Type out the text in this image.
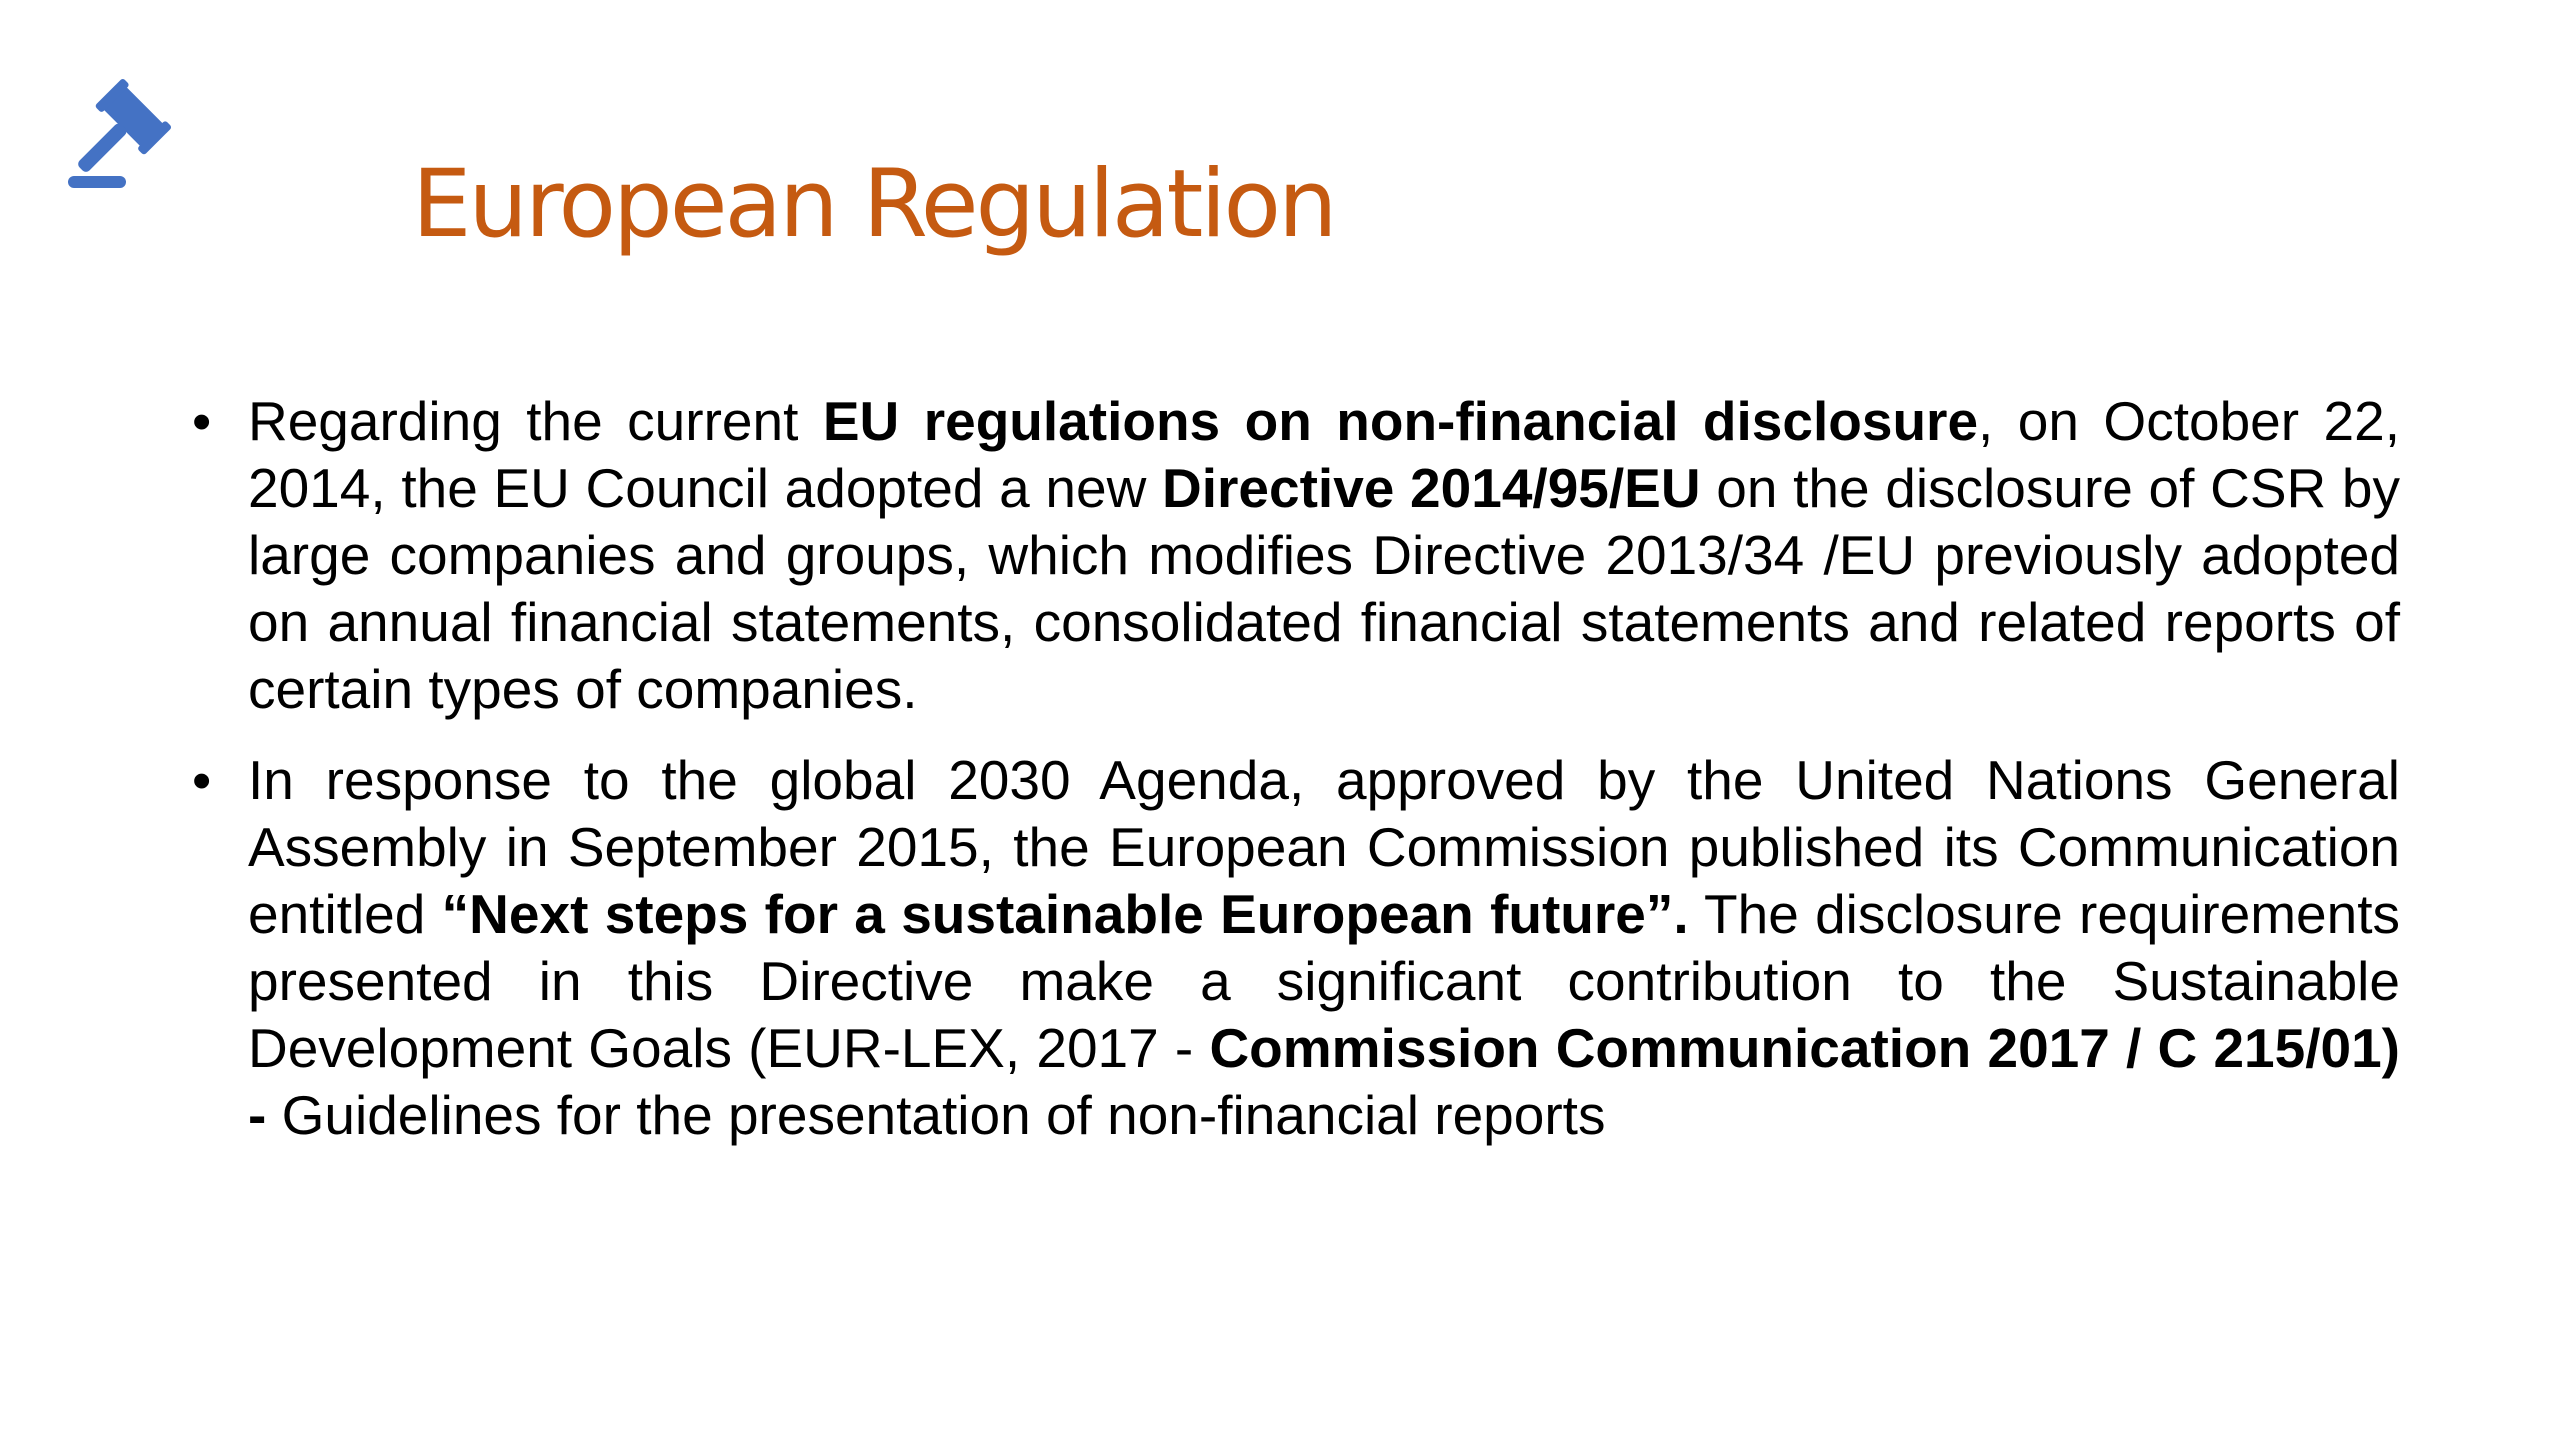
European Regulation

• Regarding the current EU regulations on non-financial disclosure, on October 22, 2014, the EU Council adopted a new Directive 2014/95/EU on the disclosure of CSR by large companies and groups, which modifies Directive 2013/34 /EU previously adopted on annual financial statements, consolidated financial statements and related reports of certain types of companies.

• In response to the global 2030 Agenda, approved by the United Nations General Assembly in September 2015, the European Commission published its Communication entitled “Next steps for a sustainable European future”. The disclosure requirements presented in this Directive make a significant contribution to the Sustainable Development Goals (EUR-LEX, 2017 - Commission Communication 2017 / C 215/01) - Guidelines for the presentation of non-financial reports
